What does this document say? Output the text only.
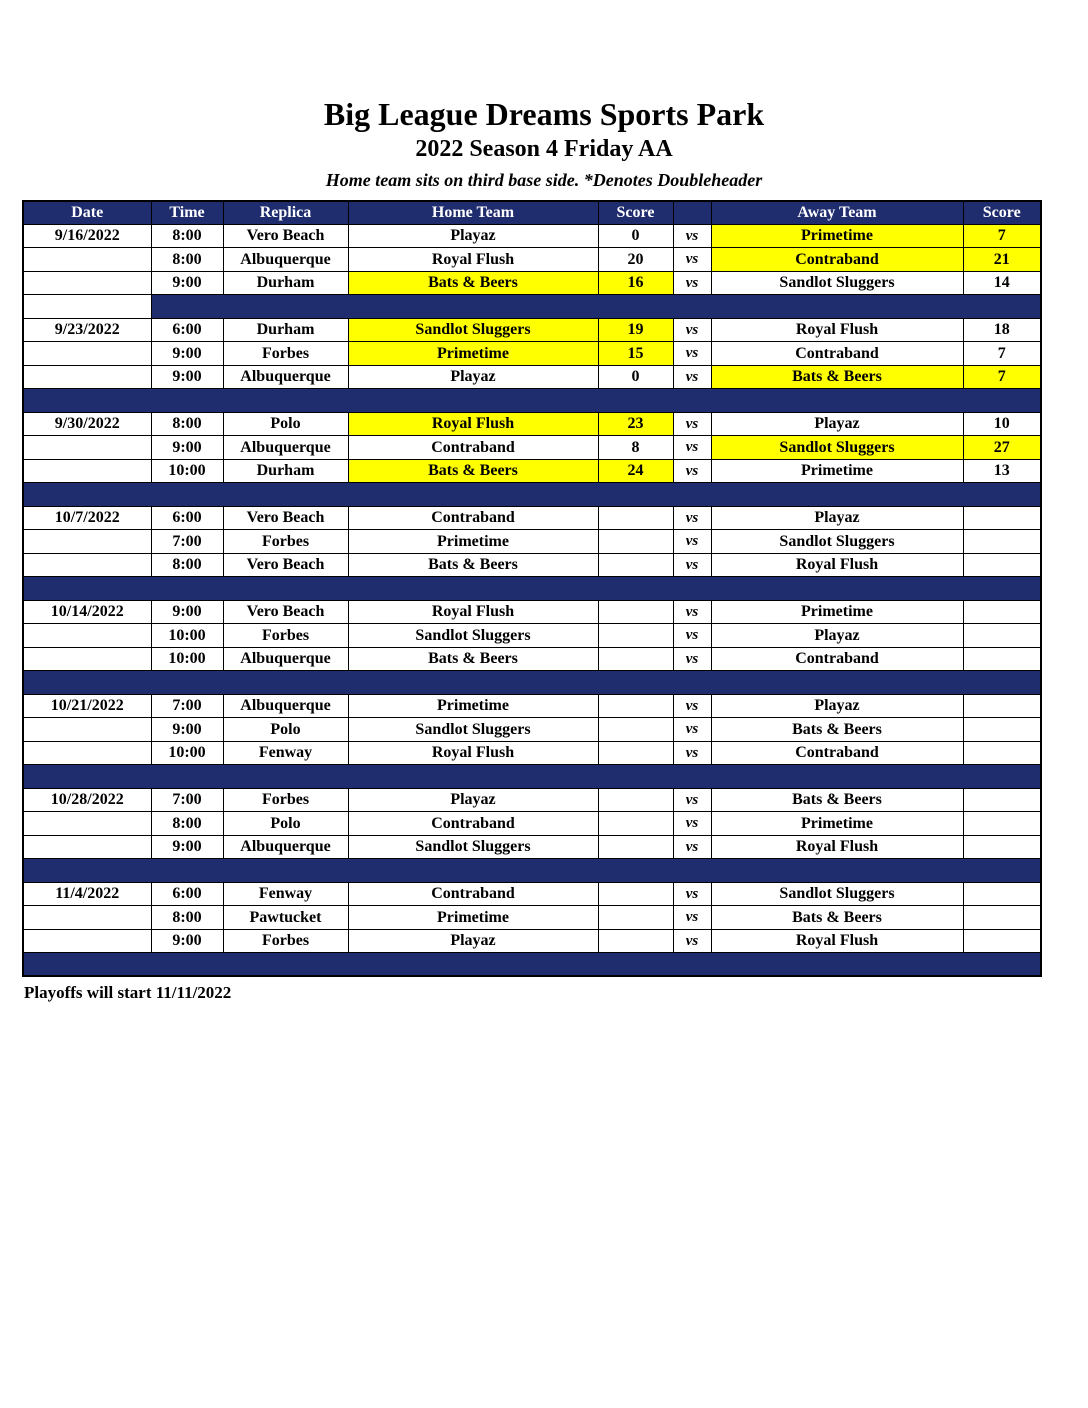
Big League Dreams Sports Park
2022 Season 4 Friday AA
Home team sits on third base side. *Denotes Doubleheader
Date	Time	Replica	Home Team	Score		Away Team	Score
9/16/2022	8:00	Vero Beach	Playaz	0	vs	Primetime	7
	8:00	Albuquerque	Royal Flush	20	vs	Contraband	21
	9:00	Durham	Bats & Beers	16	vs	Sandlot Sluggers	14

9/23/2022	6:00	Durham	Sandlot Sluggers	19	vs	Royal Flush	18
	9:00	Forbes	Primetime	15	vs	Contraband	7
	9:00	Albuquerque	Playaz	0	vs	Bats & Beers	7

9/30/2022	8:00	Polo	Royal Flush	23	vs	Playaz	10
	9:00	Albuquerque	Contraband	8	vs	Sandlot Sluggers	27
	10:00	Durham	Bats & Beers	24	vs	Primetime	13

10/7/2022	6:00	Vero Beach	Contraband		vs	Playaz	
	7:00	Forbes	Primetime		vs	Sandlot Sluggers	
	8:00	Vero Beach	Bats & Beers		vs	Royal Flush	

10/14/2022	9:00	Vero Beach	Royal Flush		vs	Primetime	
	10:00	Forbes	Sandlot Sluggers		vs	Playaz	
	10:00	Albuquerque	Bats & Beers		vs	Contraband	

10/21/2022	7:00	Albuquerque	Primetime		vs	Playaz	
	9:00	Polo	Sandlot Sluggers		vs	Bats & Beers	
	10:00	Fenway	Royal Flush		vs	Contraband	

10/28/2022	7:00	Forbes	Playaz		vs	Bats & Beers	
	8:00	Polo	Contraband		vs	Primetime	
	9:00	Albuquerque	Sandlot Sluggers		vs	Royal Flush	

11/4/2022	6:00	Fenway	Contraband		vs	Sandlot Sluggers	
	8:00	Pawtucket	Primetime		vs	Bats & Beers	
	9:00	Forbes	Playaz		vs	Royal Flush	

Playoffs will start 11/11/2022
